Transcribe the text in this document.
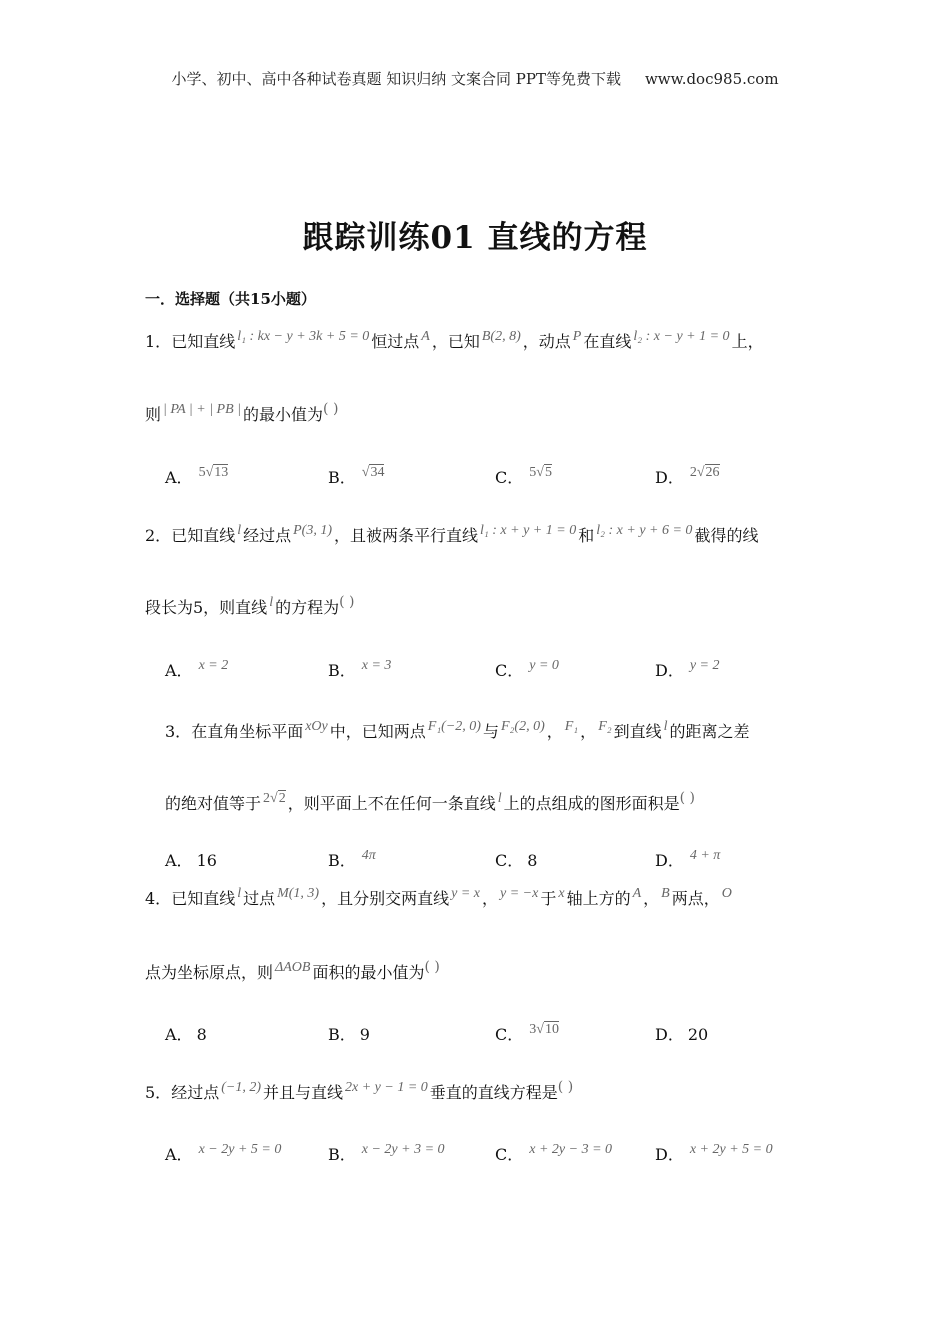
小学、初中、高中各种试卷真题 知识归纳 文案合同 PPT等免费下载 www.doc985.com
跟踪训练01 直线的方程
一．选择题（共15小题）
1．已知直线 l₁ : kx − y + 3k + 5 = 0 恒过点 A ，已知 B(2, 8) ，动点 P 在直线 l₂ : x − y + 1 = 0 上，
则 | PA | + | PB | 的最小值为( )
A． 5√13	B． √34	C． 5√5	D． 2√26
2．已知直线 l 经过点 P(3, 1) ，且被两条平行直线 l₁ : x + y + 1 = 0 和 l₂ : x + y + 6 = 0 截得的线
段长为5，则直线 l 的方程为( )
A． x = 2	B． x = 3	C． y = 0	D． y = 2
3．在直角坐标平面 xOy 中，已知两点 F₁(−2, 0) 与 F₂(2, 0) ， F₁ ， F₂ 到直线 l 的距离之差
的绝对值等于 2√2 ，则平面上不在任何一条直线 l 上的点组成的图形面积是( )
A． 16	B． 4π	C． 8	D． 4 + π
4．已知直线 l 过点 M(1, 3) ，且分别交两直线 y = x ， y = −x 于 x 轴上方的 A ， B 两点， O
点为坐标原点，则 ΔAOB 面积的最小值为( )
A． 8	B． 9	C． 3√10	D． 20
5．经过点 (−1, 2) 并且与直线 2x + y − 1 = 0 垂直的直线方程是( )
A． x − 2y + 5 = 0	B． x − 2y + 3 = 0	C． x + 2y − 3 = 0	D． x + 2y + 5 = 0
